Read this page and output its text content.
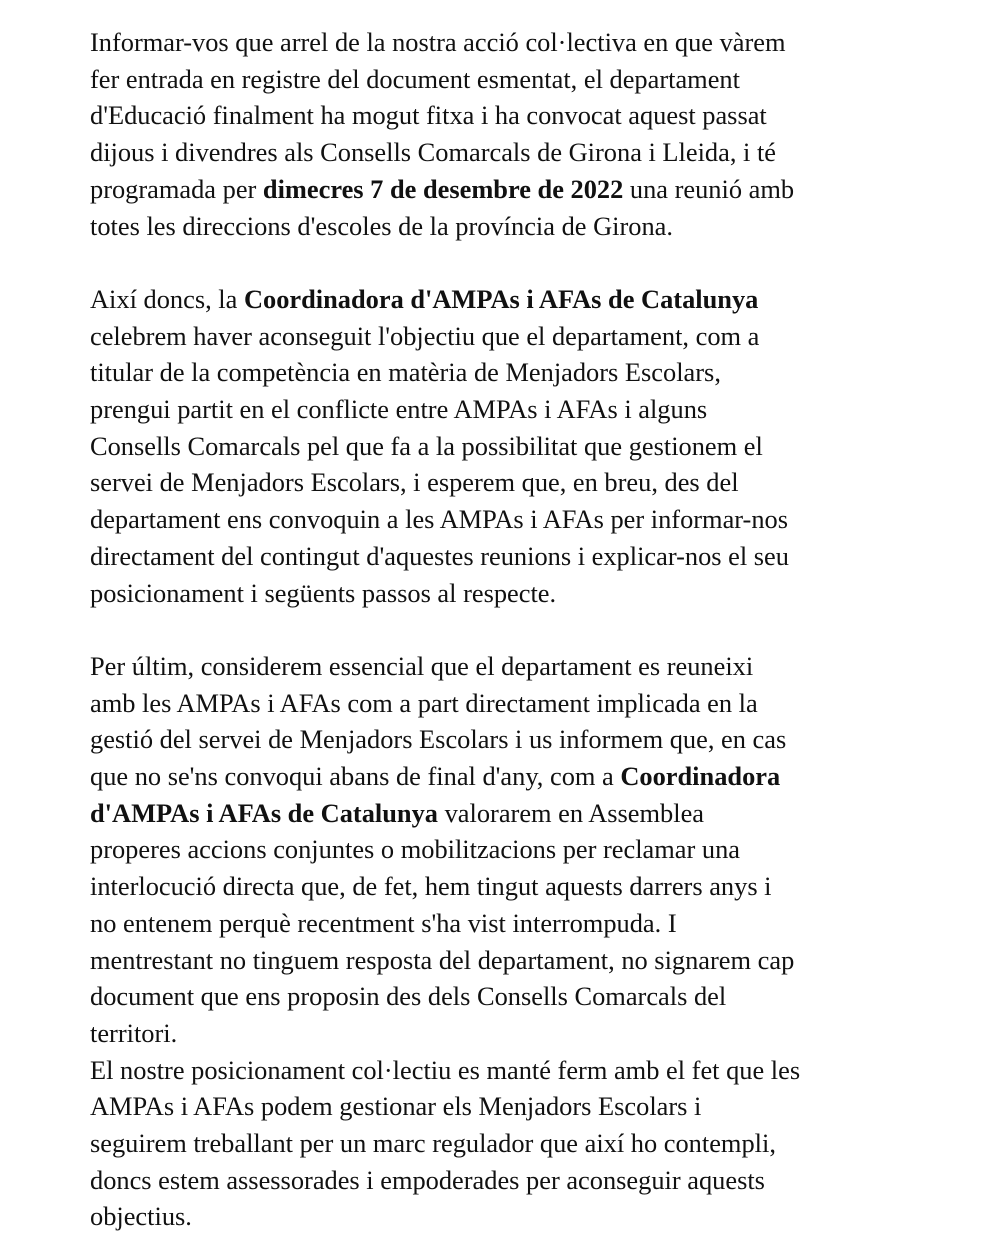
Informar-vos que arrel de la nostra acció col·lectiva en que vàrem
fer entrada en registre del document esmentat, el departament
d'Educació finalment ha mogut fitxa i ha convocat aquest passat
dijous i divendres als Consells Comarcals de Girona i Lleida, i té
programada per dimecres 7 de desembre de 2022 una reunió amb
totes les direccions d'escoles de la província de Girona.

Així doncs, la Coordinadora d'AMPAs i AFAs de Catalunya
celebrem haver aconseguit l'objectiu que el departament, com a
titular de la competència en matèria de Menjadors Escolars,
prengui partit en el conflicte entre AMPAs i AFAs i alguns
Consells Comarcals pel que fa a la possibilitat que gestionem el
servei de Menjadors Escolars, i esperem que, en breu, des del
departament ens convoquin a les AMPAs i AFAs per informar-nos
directament del contingut d'aquestes reunions i explicar-nos el seu
posicionament i següents passos al respecte.

Per últim, considerem essencial que el departament es reuneixi
amb les AMPAs i AFAs com a part directament implicada en la
gestió del servei de Menjadors Escolars i us informem que, en cas
que no se'ns convoqui abans de final d'any, com a Coordinadora
d'AMPAs i AFAs de Catalunya valorarem en Assemblea
properes accions conjuntes o mobilitzacions per reclamar una
interlocució directa que, de fet, hem tingut aquests darrers anys i
no entenem perquè recentment s'ha vist interrompuda. I
mentrestant no tinguem resposta del departament, no signarem cap
document que ens proposin des dels Consells Comarcals del
territori.

El nostre posicionament col·lectiu es manté ferm amb el fet que les
AMPAs i AFAs podem gestionar els Menjadors Escolars i
seguirem treballant per un marc regulador que així ho contempli,
doncs estem assessorades i empoderades per aconseguir aquests
objectius.
